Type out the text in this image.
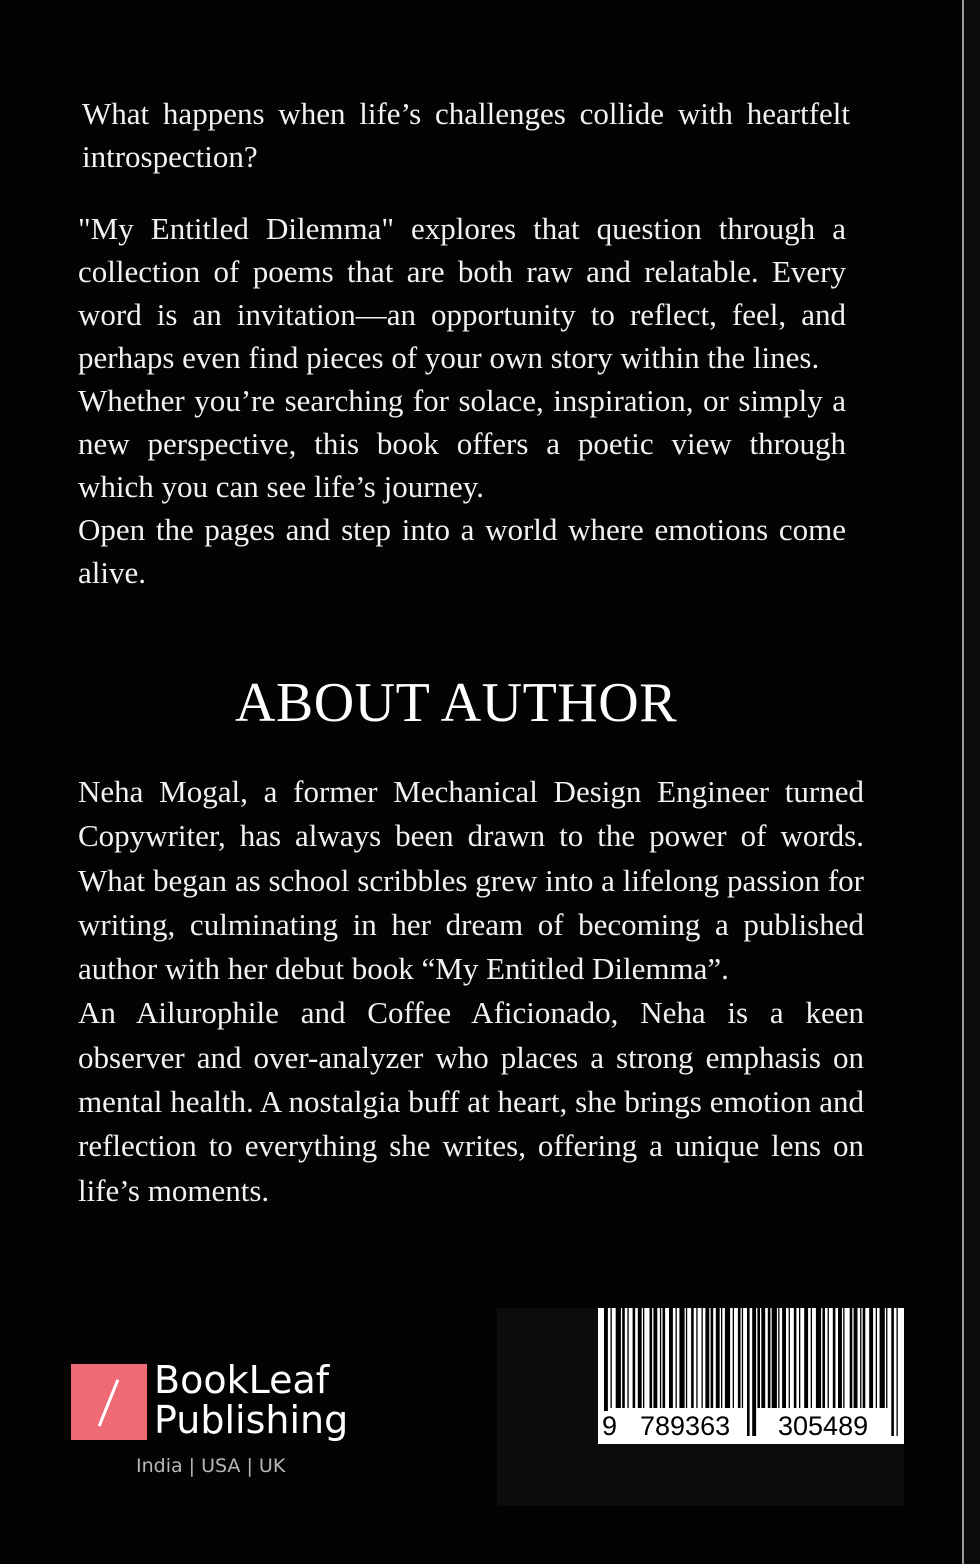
What happens when life’s challenges collide with heartfelt introspection?

"My Entitled Dilemma" explores that question through a collection of poems that are both raw and relatable. Every word is an invitation—an opportunity to reflect, feel, and perhaps even find pieces of your own story within the lines.

Whether you’re searching for solace, inspiration, or simply a new perspective, this book offers a poetic view through which you can see life’s journey.

Open the pages and step into a world where emotions come alive.

ABOUT AUTHOR

Neha Mogal, a former Mechanical Design Engineer turned Copywriter, has always been drawn to the power of words. What began as school scribbles grew into a lifelong passion for writing, culminating in her dream of becoming a published author with her debut book “My Entitled Dilemma”.

An Ailurophile and Coffee Aficionado, Neha is a keen observer and over-analyzer who places a strong emphasis on mental health. A nostalgia buff at heart, she brings emotion and reflection to everything she writes, offering a unique lens on life’s moments.

BookLeaf
Publishing
India | USA | UK
9 789363 305489
